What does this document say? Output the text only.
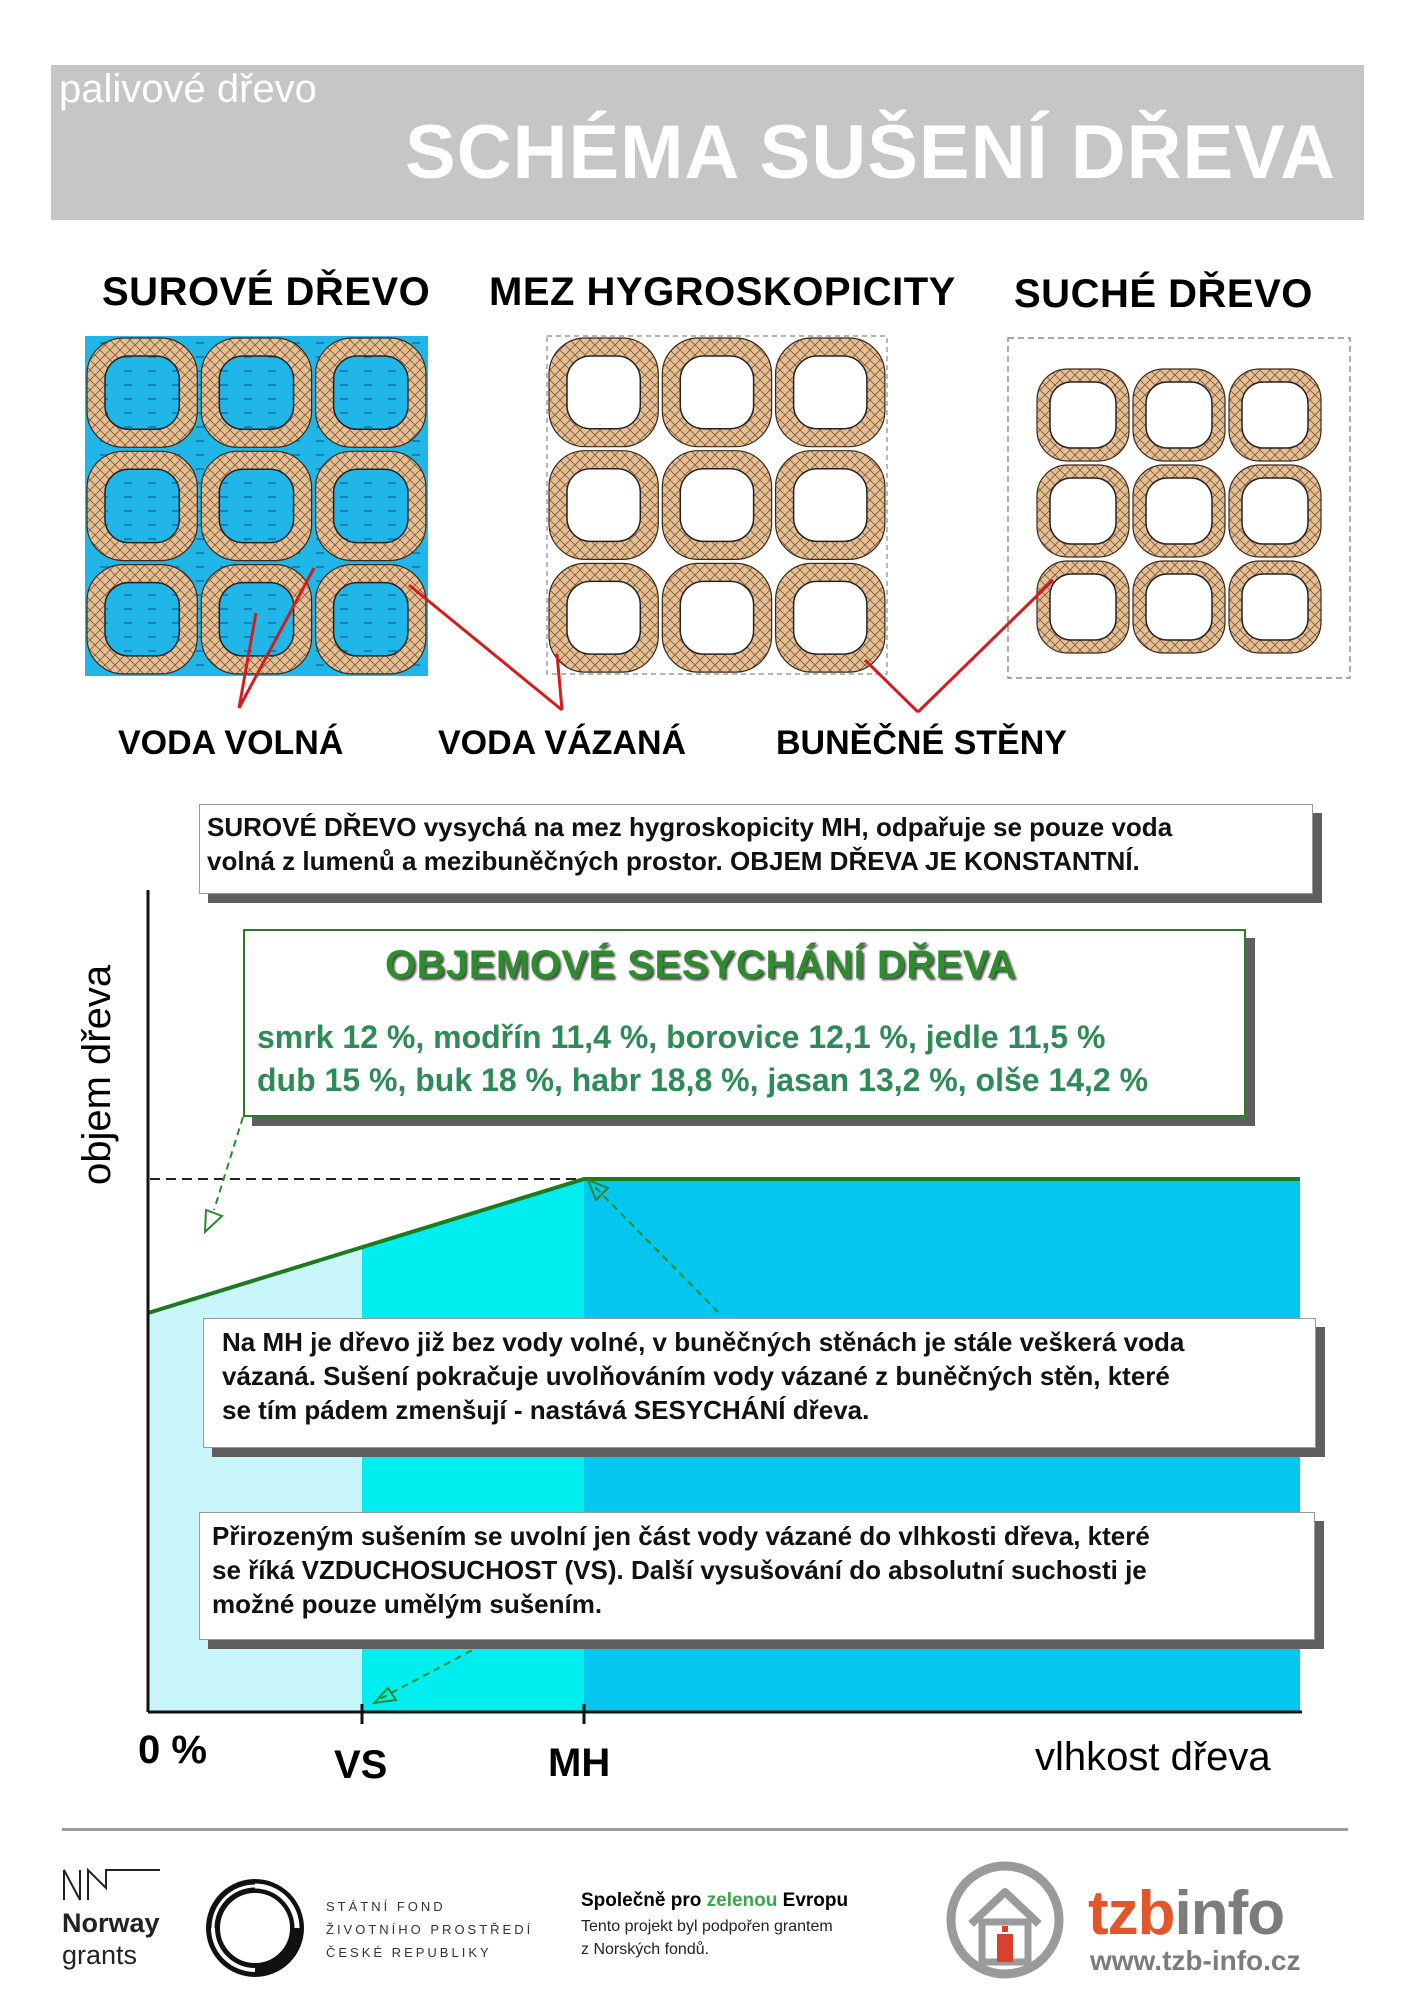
palivové dřevo
SCHÉMA SUŠENÍ DŘEVA
SUROVÉ DŘEVO MEZ HYGROSKOPICITY SUCHÉ DŘEVO
VODA VOLNÁ	VODA VÁZANÁ	BUNĚČNÉ STĚNY
objem dřeva
vlhkost dřeva
0 %	VS	MH
SUROVÉ DŘEVO vysychá na mez hygroskopicity MH, odpařuje se pouze voda
volná z lumenů a mezibuněčných prostor. OBJEM DŘEVA JE KONSTANTNÍ.
OBJEMOVÉ SESYCHÁNÍ DŘEVA
smrk 12 %, modřín 11,4 %, borovice 12,1 %, jedle 11,5 %
dub 15 %, buk 18 %, habr 18,8 %, jasan 13,2 %, olše 14,2 %
Na MH je dřevo již bez vody volné, v buněčných stěnách je stále veškerá voda
vázaná. Sušení pokračuje uvolňováním vody vázané z buněčných stěn, které
se tím pádem zmenšují - nastává SESYCHÁNÍ dřeva.
Přirozeným sušením se uvolní jen část vody vázané do vlhkosti dřeva, které
se říká VZDUCHOSUCHOST (VS). Další vysušování do absolutní suchosti je
možné pouze umělým sušením.
Norway
grants
STÁTNÍ FOND
ŽIVOTNÍHO PROSTŘEDÍ
ČESKÉ REPUBLIKY
Společně pro zelenou Evropu
Tento projekt byl podpořen grantem
z Norských fondů.
tzbinfo
www.tzb-info.cz
